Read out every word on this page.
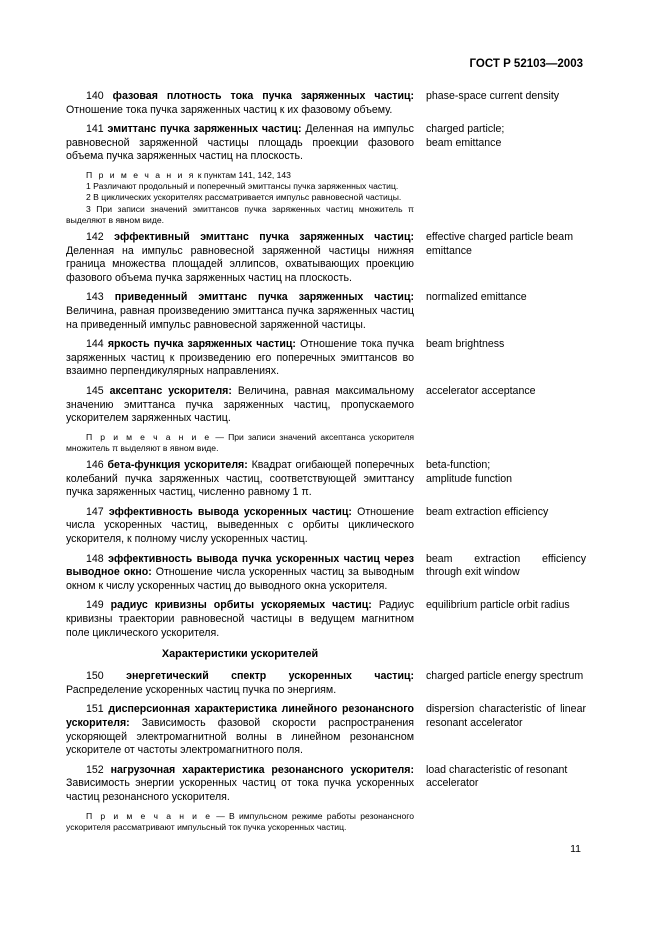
ГОСТ Р 52103—2003
140 фазовая плотность тока пучка заряженных частиц: Отношение тока пучка заряженных частиц к их фазовому объему.
phase-space current density
141 эмиттанс пучка заряженных частиц: Деленная на импульс равновесной заряженной частицы площадь проекции фазового объема пучка заряженных частиц на плоскость.
charged particle;
beam emittance

П р и м е ч а н и я к пунктам 141, 142, 143

1 Различают продольный и поперечный эмиттансы пучка заряженных частиц.

2 В циклических ускорителях рассматривается импульс равновесной частицы.

3 При записи значений эмиттансов пучка заряженных частиц множитель π выделяют в явном виде.

142 эффективный эмиттанс пучка заряженных частиц: Деленная на импульс равновесной заряженной частицы нижняя граница множества площадей эллипсов, охватывающих проекцию фазового объема пучка заряженных частиц на плоскость.
effective charged particle beam emittance
143 приведенный эмиттанс пучка заряженных частиц: Величина, равная произведению эмиттанса пучка заряженных частиц на приведенный импульс равновесной заряженной частицы.
normalized emittance
144 яркость пучка заряженных частиц: Отношение тока пучка заряженных частиц к произведению его поперечных эмиттансов во взаимно перпендикулярных направлениях.
beam brightness
145 аксептанс ускорителя: Величина, равная максимальному значению эмиттанса пучка заряженных частиц, пропускаемого ускорителем заряженных частиц.
accelerator acceptance

П р и м е ч а н и е — При записи значений аксептанса ускорителя множитель π выделяют в явном виде.

146 бета-функция ускорителя: Квадрат огибающей поперечных колебаний пучка заряженных частиц, соответствующей эмиттансу пучка заряженных частиц, численно равному 1 π.
beta-function;
amplitude function
147 эффективность вывода ускоренных частиц: Отношение числа ускоренных частиц, выведенных с орбиты циклического ускорителя, к полному числу ускоренных частиц.
beam extraction efficiency
148 эффективность вывода пучка ускоренных частиц через выводное окно: Отношение числа ускоренных частиц за выводным окном к числу ускоренных частиц до выводного окна ускорителя.
beam extraction efficiency through exit window
149 радиус кривизны орбиты ускоряемых частиц: Радиус кривизны траектории равновесной частицы в ведущем магнитном поле циклического ускорителя.
equilibrium particle orbit radius
Характеристики ускорителей
150 энергетический спектр ускоренных частиц: Распределение ускоренных частиц пучка по энергиям.
charged particle energy spectrum
151 дисперсионная характеристика линейного резонансного ускорителя: Зависимость фазовой скорости распространения ускоряющей электромагнитной волны в линейном резонансном ускорителе от частоты электромагнитного поля.
dispersion characteristic of linear resonant accelerator
152 нагрузочная характеристика резонансного ускорителя: Зависимость энергии ускоренных частиц от тока пучка ускоренных частиц резонансного ускорителя.
load characteristic of resonant accelerator

П р и м е ч а н и е — В импульсном режиме работы резонансного ускорителя рассматривают импульсный ток пучка ускоренных частиц.

11
